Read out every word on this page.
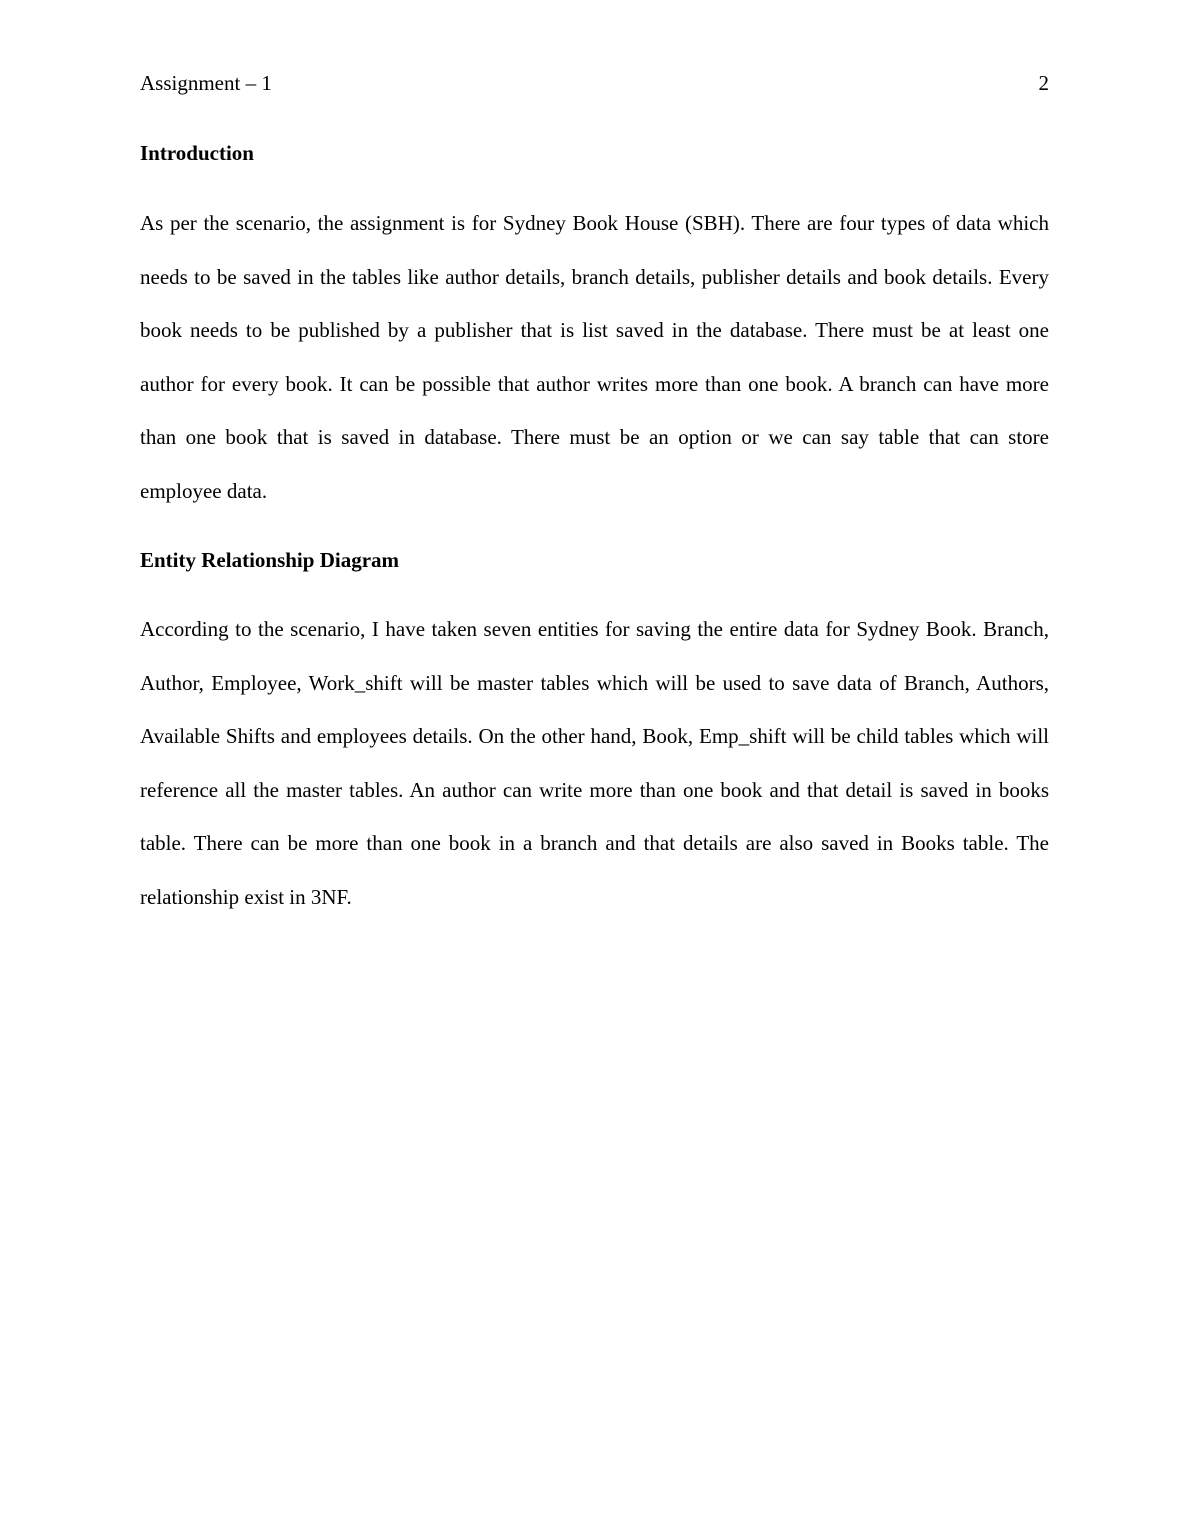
Assignment – 1	2
Introduction

As per the scenario, the assignment is for Sydney Book House (SBH). There are four types of data which needs to be saved in the tables like author details, branch details, publisher details and book details. Every book needs to be published by a publisher that is list saved in the database. There must be at least one author for every book. It can be possible that author writes more than one book. A branch can have more than one book that is saved in database. There must be an option or we can say table that can store employee data.

Entity Relationship Diagram

According to the scenario, I have taken seven entities for saving the entire data for Sydney Book. Branch, Author, Employee, Work_shift will be master tables which will be used to save data of Branch, Authors, Available Shifts and employees details. On the other hand, Book, Emp_shift will be child tables which will reference all the master tables. An author can write more than one book and that detail is saved in books table. There can be more than one book in a branch and that details are also saved in Books table. The relationship exist in 3NF.
